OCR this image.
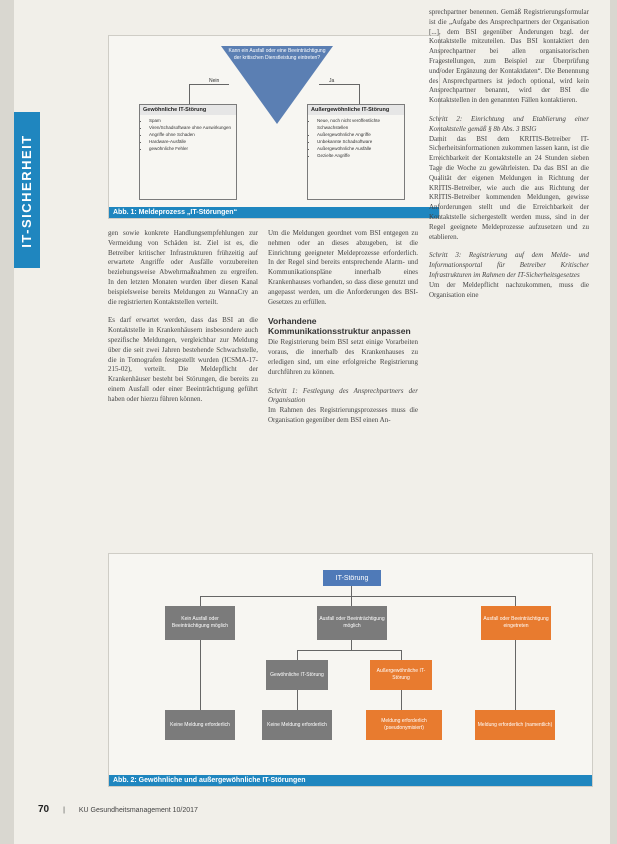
IT-SICHERHEIT
Kann ein Ausfall oder eine Beeinträchtigung der kritischen Dienstleistung eintreten?
Nein	Ja
Gewöhnliche IT-Störung
• Spam
• Viren/Schadsoftware ohne Auswirkungen
• Angriffe ohne Schaden
• Hardware-Ausfälle
• gewöhnliche Fehler
Außergewöhnliche IT-Störung
• Neue, noch nicht veröffentlichte Schwachstellen
• Außergewöhnliche Angriffe
• Unbekannte Schadsoftware
• Außergewöhnliche Ausfälle
• Gezielte Angriffe
Abb. 1: Meldeprozess „IT-Störungen“

gen sowie konkrete Handlungsempfehlungen zur Vermeidung von Schäden ist. Ziel ist es, die Betreiber kritischer Infrastrukturen frühzeitig auf erwartete Angriffe oder Ausfälle vorzubereiten beziehungsweise Abwehrmaßnahmen zu ergreifen. In den letzten Monaten wurden über diesen Kanal beispielsweise bereits Meldungen zu WannaCry an die registrierten Kontaktstellen verteilt.

Es darf erwartet werden, dass das BSI an die Kontaktstelle in Krankenhäusern insbesondere auch spezifische Meldungen, vergleichbar zur Meldung über die seit zwei Jahren bestehende Schwachstelle, die in Tomografen festgestellt wurden (ICSMA-17-215-02), verteilt. Die Meldepflicht der Krankenhäuser besteht bei Störungen, die bereits zu einem Ausfall oder einer Beeinträchtigung geführt haben oder hierzu führen können.

Um die Meldungen geordnet vom BSI entgegen zu nehmen oder an dieses abzugeben, ist die Einrichtung geeigneter Meldeprozesse erforderlich. In der Regel sind bereits entsprechende Alarm- und Kommunikationspläne innerhalb eines Krankenhauses vorhanden, so dass diese genutzt und angepasst werden, um die Anforderungen des BSI-Gesetzes zu erfüllen.

Vorhandene Kommunikationsstruktur anpassen

Die Registrierung beim BSI setzt einige Vorarbeiten voraus, die innerhalb des Krankenhauses zu erledigen sind, um eine erfolgreiche Registrierung durchführen zu können.

Schritt 1: Festlegung des Ansprechpartners der Organisation

Im Rahmen des Registrierungsprozesses muss die Organisation gegenüber dem BSI einen An-

sprechpartner benennen. Gemäß Registrierungsformular ist die „Aufgabe des Ansprechpartners der Organisation [...], dem BSI gegenüber Änderungen bzgl. der Kontaktstelle mitzuteilen. Das BSI kontaktiert den Ansprechpartner bei allen organisatorischen Fragestellungen, zum Beispiel zur Überprüfung und/oder Ergänzung der Kontaktdaten“. Die Benennung des Ansprechpartners ist jedoch optional, wird kein Ansprechpartner benannt, wird der BSI die Kontaktstellen in den genannten Fällen kontaktieren.

Schritt 2: Einrichtung und Etablierung einer Kontaktstelle gemäß § 8b Abs. 3 BSIG

Damit das BSI dem KRITIS-Betreiber IT-Sicherheitsinformationen zukommen lassen kann, ist die Erreichbarkeit der Kontaktstelle an 24 Stunden sieben Tage die Woche zu gewährleisten. Da das BSI an die Qualität der eigenen Meldungen in Richtung der KRITIS-Betreiber, wie auch die aus Richtung der KRITIS-Betreiber kommenden Meldungen, gewisse Anforderungen stellt und die Erreichbarkeit der Kontaktstelle sichergestellt werden muss, sind in der Regel geeignete Meldeprozesse aufzusetzen und zu etablieren.

Schritt 3: Registrierung auf dem Melde- und Informationsportal für Betreiber Kritischer Infrastrukturen im Rahmen der IT-Sicherheitsgesetzes

Um der Meldepflicht nachzukommen, muss die Organisation eine

IT-Störung
Kein Ausfall oder Beeinträchtigung möglich
Ausfall oder Beeinträchtigung möglich
Ausfall oder Beeinträchtigung eingetreten
Gewöhnliche IT-Störung
Außergewöhnliche IT-Störung
Keine Meldung erforderlich	Keine Meldung erforderlich
Meldung erforderlich (pseudonymisiert)
Meldung erforderlich (namentlich)
Abb. 2: Gewöhnliche und außergewöhnliche IT-Störungen
70 | KU Gesundheitsmanagement 10/2017
